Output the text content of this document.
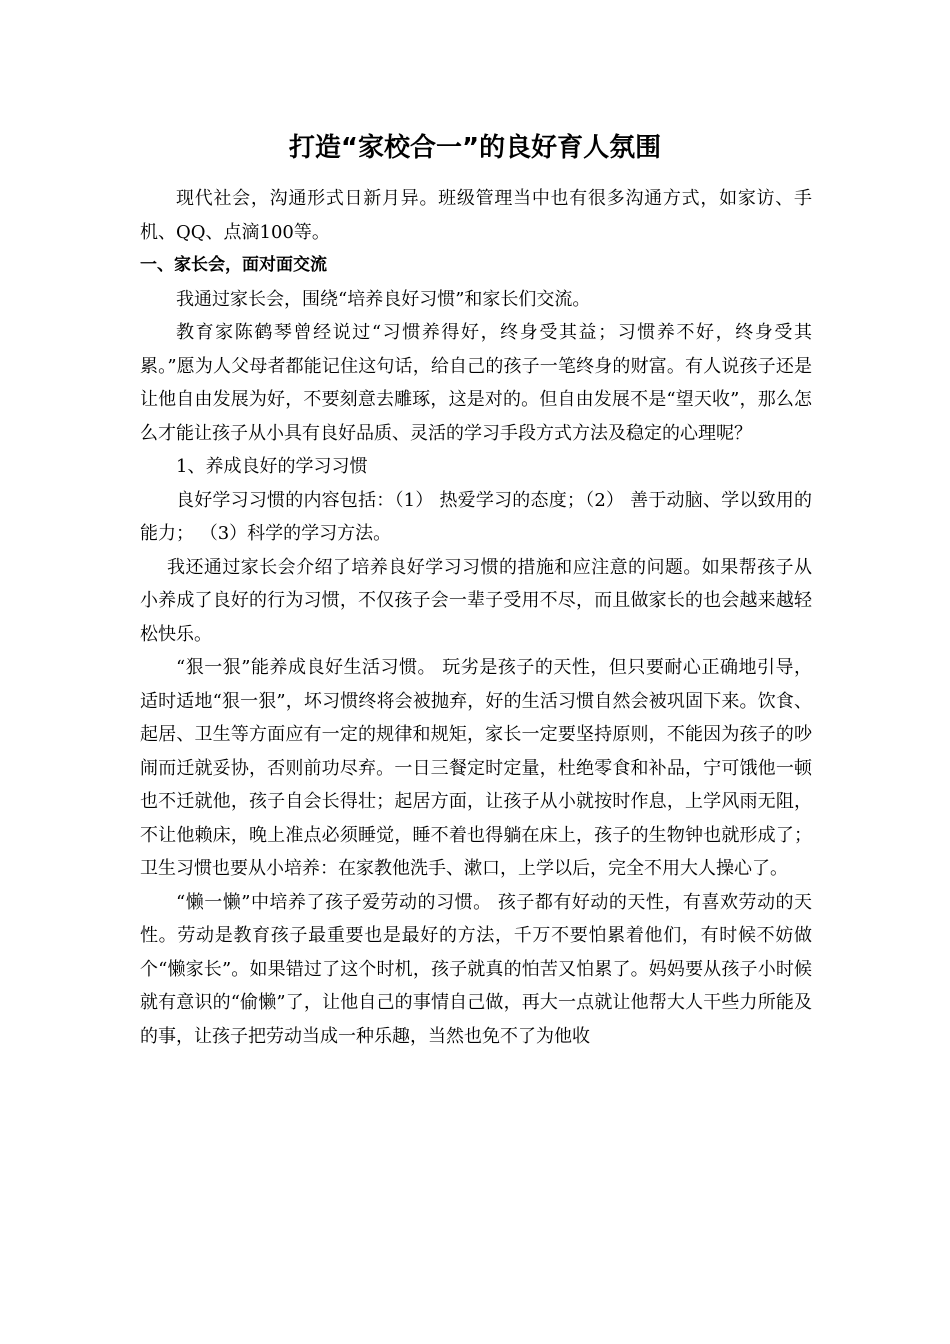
打造“家校合一”的良好育人氛围

现代社会，沟通形式日新月异。班级管理当中也有很多沟通方式，如家访、手机、QQ、点滴100等。

一、家长会，面对面交流

我通过家长会，围绕“培养良好习惯”和家长们交流。

教育家陈鹤琴曾经说过“习惯养得好，终身受其益；习惯养不好，终身受其累。”愿为人父母者都能记住这句话，给自己的孩子一笔终身的财富。有人说孩子还是让他自由发展为好，不要刻意去雕琢，这是对的。但自由发展不是“望天收”，那么怎么才能让孩子从小具有良好品质、灵活的学习手段方式方法及稳定的心理呢？

1、养成良好的学习习惯

良好学习习惯的内容包括：（1） 热爱学习的态度；（2） 善于动脑、学以致用的能力； （3）科学的学习方法。

我还通过家长会介绍了培养良好学习习惯的措施和应注意的问题。如果帮孩子从小养成了良好的行为习惯，不仅孩子会一辈子受用不尽，而且做家长的也会越来越轻松快乐。

“狠一狠”能养成良好生活习惯。 玩劣是孩子的天性，但只要耐心正确地引导，适时适地“狠一狠”，坏习惯终将会被抛弃，好的生活习惯自然会被巩固下来。饮食、起居、卫生等方面应有一定的规律和规矩，家长一定要坚持原则，不能因为孩子的吵闹而迁就妥协，否则前功尽弃。一日三餐定时定量，杜绝零食和补品，宁可饿他一顿也不迁就他，孩子自会长得壮；起居方面，让孩子从小就按时作息，上学风雨无阻，不让他赖床，晚上准点必须睡觉，睡不着也得躺在床上，孩子的生物钟也就形成了；卫生习惯也要从小培养：在家教他洗手、漱口，上学以后，完全不用大人操心了。

“懒一懒”中培养了孩子爱劳动的习惯。 孩子都有好动的天性，有喜欢劳动的天性。劳动是教育孩子最重要也是最好的方法，千万不要怕累着他们，有时候不妨做个“懒家长”。如果错过了这个时机，孩子就真的怕苦又怕累了。妈妈要从孩子小时候就有意识的“偷懒”了，让他自己的事情自己做，再大一点就让他帮大人干些力所能及的事，让孩子把劳动当成一种乐趣，当然也免不了为他收
